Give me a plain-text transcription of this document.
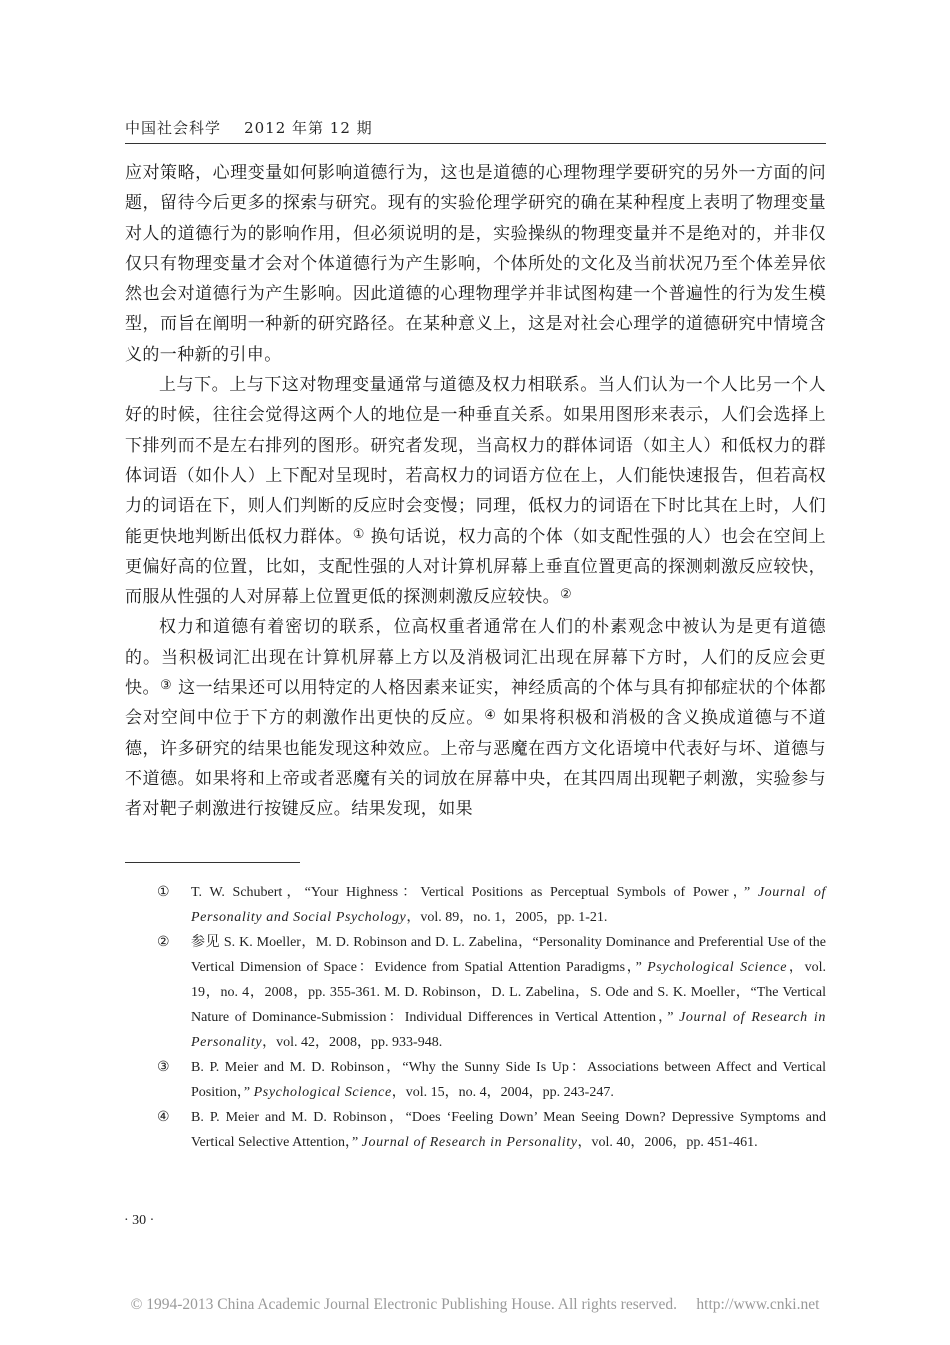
中国社会科学 2012 年第 12 期

应对策略，心理变量如何影响道德行为，这也是道德的心理物理学要研究的另外一方面的问题，留待今后更多的探索与研究。现有的实验伦理学研究的确在某种程度上表明了物理变量对人的道德行为的影响作用，但必须说明的是，实验操纵的物理变量并不是绝对的，并非仅仅只有物理变量才会对个体道德行为产生影响，个体所处的文化及当前状况乃至个体差异依然也会对道德行为产生影响。因此道德的心理物理学并非试图构建一个普遍性的行为发生模型，而旨在阐明一种新的研究路径。在某种意义上，这是对社会心理学的道德研究中情境含义的一种新的引申。

上与下。上与下这对物理变量通常与道德及权力相联系。当人们认为一个人比另一个人好的时候，往往会觉得这两个人的地位是一种垂直关系。如果用图形来表示，人们会选择上下排列而不是左右排列的图形。研究者发现，当高权力的群体词语（如主人）和低权力的群体词语（如仆人）上下配对呈现时，若高权力的词语方位在上，人们能快速报告，但若高权力的词语在下，则人们判断的反应时会变慢；同理，低权力的词语在下时比其在上时，人们能更快地判断出低权力群体。① 换句话说，权力高的个体（如支配性强的人）也会在空间上更偏好高的位置，比如，支配性强的人对计算机屏幕上垂直位置更高的探测刺激反应较快，而服从性强的人对屏幕上位置更低的探测刺激反应较快。②

权力和道德有着密切的联系，位高权重者通常在人们的朴素观念中被认为是更有道德的。当积极词汇出现在计算机屏幕上方以及消极词汇出现在屏幕下方时，人们的反应会更快。③ 这一结果还可以用特定的人格因素来证实，神经质高的个体与具有抑郁症状的个体都会对空间中位于下方的刺激作出更快的反应。④ 如果将积极和消极的含义换成道德与不道德，许多研究的结果也能发现这种效应。上帝与恶魔在西方文化语境中代表好与坏、道德与不道德。如果将和上帝或者恶魔有关的词放在屏幕中央，在其四周出现靶子刺激，实验参与者对靶子刺激进行按键反应。结果发现，如果

① T. W. Schubert，“Your Highness：Vertical Positions as Perceptual Symbols of Power，” Journal of Personality and Social Psychology，vol. 89，no. 1，2005，pp. 1-21.
② 参见 S. K. Moeller，M. D. Robinson and D. L. Zabelina，“Personality Dominance and Preferential Use of the Vertical Dimension of Space：Evidence from Spatial Attention Paradigms，” Psychological Science，vol. 19，no. 4，2008，pp. 355-361. M. D. Robinson，D. L. Zabelina，S. Ode and S. K. Moeller，“The Vertical Nature of Dominance-Submission：Individual Differences in Vertical Attention，” Journal of Research in Personality，vol. 42，2008，pp. 933-948.
③ B. P. Meier and M. D. Robinson，“Why the Sunny Side Is Up：Associations between Affect and Vertical Position，” Psychological Science，vol. 15，no. 4，2004，pp. 243-247.
④ B. P. Meier and M. D. Robinson，“Does ‘Feeling Down’ Mean Seeing Down? Depressive Symptoms and Vertical Selective Attention，” Journal of Research in Personality，vol. 40，2006，pp. 451-461.
· 30 ·
© 1994-2013 China Academic Journal Electronic Publishing House. All rights reserved.     http://www.cnki.net
